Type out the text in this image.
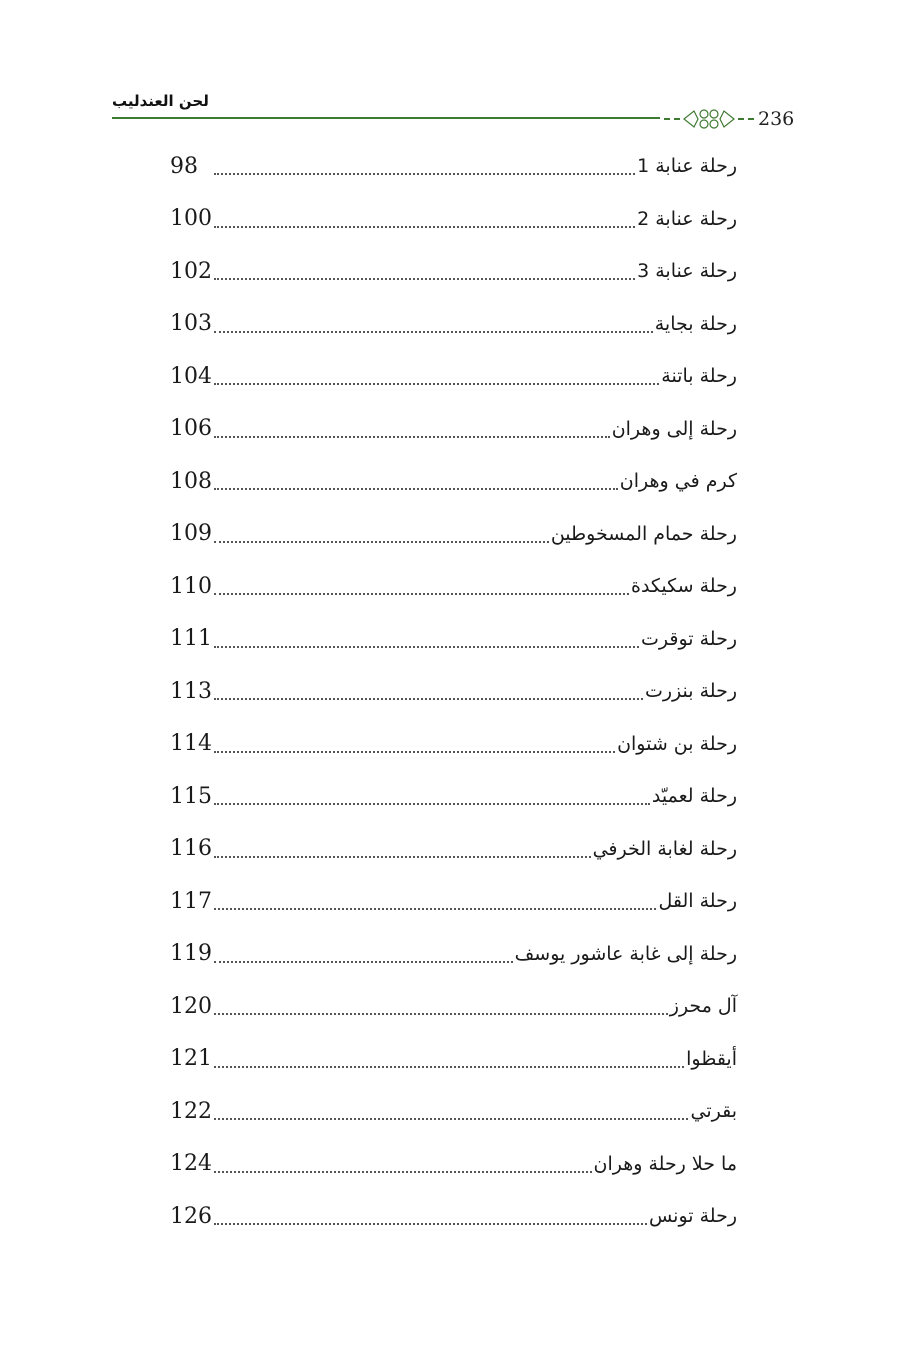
لحن العندليب
236
رحلة عنابة 1
98
رحلة عنابة 2
100
رحلة عنابة 3
102
رحلة بجاية
103
رحلة باتنة
104
رحلة إلى وهران
106
كرم في وهران
108
رحلة حمام المسخوطين
109
رحلة سكيكدة
110
رحلة توقرت
111
رحلة بنزرت
113
رحلة بن شتوان
114
رحلة لعميّد
115
رحلة لغابة الخرفي
116
رحلة القل
117
رحلة إلى غابة عاشور يوسف
119
آل محرز
120
أيقظوا
121
بقرتي
122
ما حلا رحلة وهران
124
رحلة تونس
126
